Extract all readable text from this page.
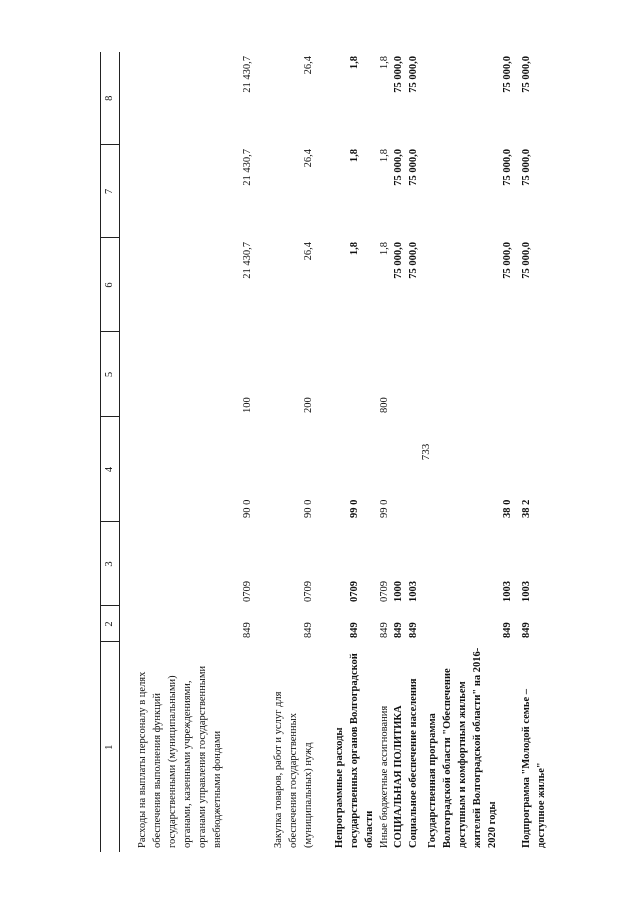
733
1	2	3	4	5	6	7	8

Расходы на выплаты персоналу в целях обеспечения выполнения функций государственными (муниципальными) органами, казенными учреждениями, органами управления государственными внебюджетными фондами	849	0709	90 0	100	21 430,7	21 430,7	21 430,7

Закупка товаров, работ и услуг для обеспечения государственных (муниципальных) нужд	849	0709	90 0	200	26,4	26,4	26,4

Непрограммные расходы государственных органов Волгоградской области	849	0709	99 0		1,8	1,8	1,8
Иные бюджетные ассигнования	849	0709	99 0	800	1,8	1,8	1,8
СОЦИАЛЬНАЯ ПОЛИТИКА	849	1000			75 000,0	75 000,0	75 000,0
Социальное обеспечение населения	849	1003			75 000,0	75 000,0	75 000,0

Государственная программа Волгоградской области "Обеспечение доступным и комфортным жильем жителей Волгоградской области" на 2016-2020 годы	849	1003	38 0		75 000,0	75 000,0	75 000,0

Подпрограмма "Молодой семье – доступное жилье"	849	1003	38 2		75 000,0	75 000,0	75 000,0
